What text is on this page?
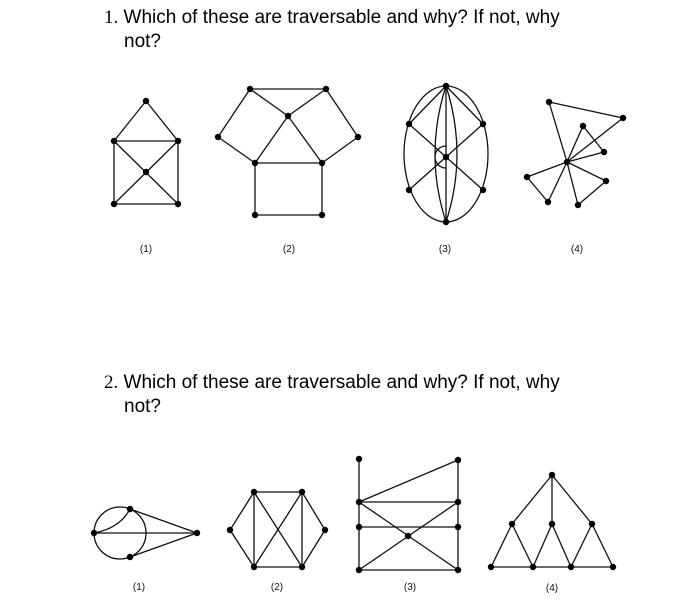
1. Which of these are traversable and why? If not, why
not?
(1)	(2)	(3)	(4)
2. Which of these are traversable and why? If not, why
not?
(1)	(2)	(3)	(4)
